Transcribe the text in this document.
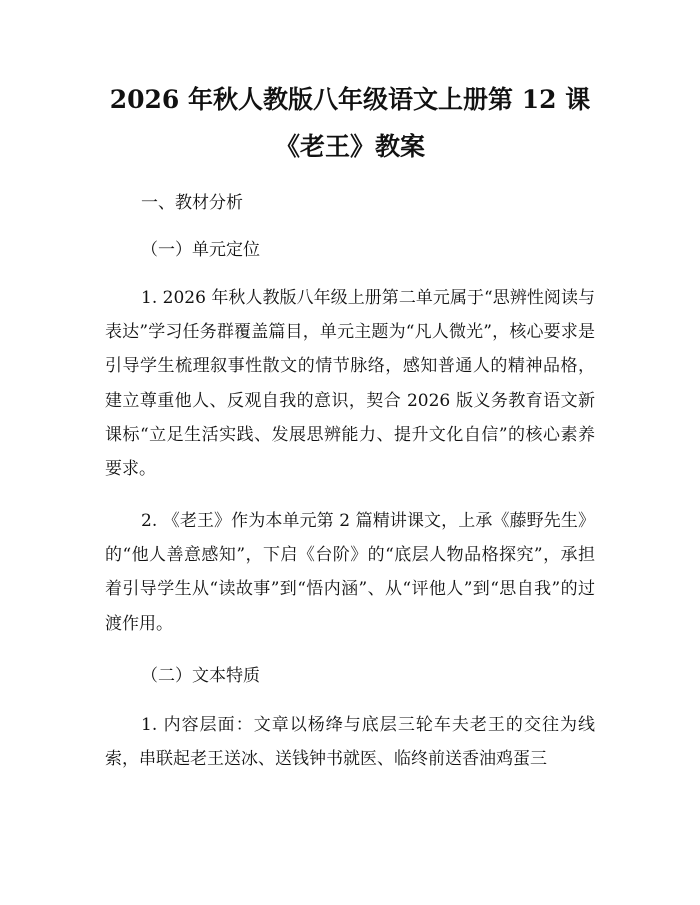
2026 年秋人教版八年级语文上册第 12 课
《老王》教案
一、教材分析
（一）单元定位

1. 2026 年秋人教版八年级上册第二单元属于“思辨性阅读与表达”学习任务群覆盖篇目，单元主题为“凡人微光”，核心要求是引导学生梳理叙事性散文的情节脉络，感知普通人的精神品格，建立尊重他人、反观自我的意识，契合 2026 版义务教育语文新课标“立足生活实践、发展思辨能力、提升文化自信”的核心素养要求。

2. 《老王》作为本单元第 2 篇精讲课文，上承《藤野先生》的“他人善意感知”，下启《台阶》的“底层人物品格探究”，承担着引导学生从“读故事”到“悟内涵”、从“评他人”到“思自我”的过渡作用。

（二）文本特质

1. 内容层面：文章以杨绛与底层三轮车夫老王的交往为线索，串联起老王送冰、送钱钟书就医、临终前送香油鸡蛋三
